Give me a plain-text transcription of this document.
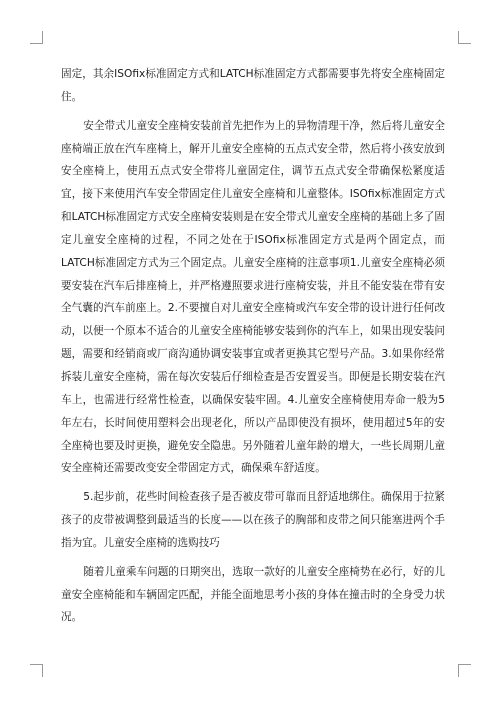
固定，其余ISOfix标准固定方式和LATCH标准固定方式都需要事先将安全座椅固定住。

安全带式儿童安全座椅安装前首先把作为上的异物清理干净，然后将儿童安全座椅端正放在汽车座椅上，解开儿童安全座椅的五点式安全带，然后将小孩安放到安全座椅上，使用五点式安全带将儿童固定住，调节五点式安全带确保松紧度适宜，接下来使用汽车安全带固定住儿童安全座椅和儿童整体。ISOfix标准固定方式和LATCH标准固定方式安全座椅安装则是在安全带式儿童安全座椅的基础上多了固定儿童安全座椅的过程，不同之处在于ISOfix标准固定方式是两个固定点，而LATCH标准固定方式为三个固定点。儿童安全座椅的注意事项1.儿童安全座椅必须要安装在汽车后排座椅上，并严格遵照要求进行座椅安装，并且不能安装在带有安全气囊的汽车前座上。2.不要擅自对儿童安全座椅或汽车安全带的设计进行任何改动，以便一个原本不适合的儿童安全座椅能够安装到你的汽车上，如果出现安装问题，需要和经销商或厂商沟通协调安装事宜或者更换其它型号产品。3.如果你经常拆装儿童安全座椅，需在每次安装后仔细检查是否安置妥当。即便是长期安装在汽车上，也需进行经常性检查，以确保安装牢固。4.儿童安全座椅使用寿命一般为5年左右，长时间使用塑料会出现老化，所以产品即使没有损坏，使用超过5年的安全座椅也要及时更换，避免安全隐患。另外随着儿童年龄的增大，一些长周期儿童安全座椅还需要改变安全带固定方式，确保乘车舒适度。

5.起步前，花些时间检查孩子是否被皮带可靠而且舒适地绑住。确保用于拉紧孩子的皮带被调整到最适当的长度——以在孩子的胸部和皮带之间只能塞进两个手指为宜。儿童安全座椅的选购技巧

随着儿童乘车问题的日期突出，选取一款好的儿童安全座椅势在必行，好的儿童安全座椅能和车辆固定匹配，并能全面地思考小孩的身体在撞击时的全身受力状况。
